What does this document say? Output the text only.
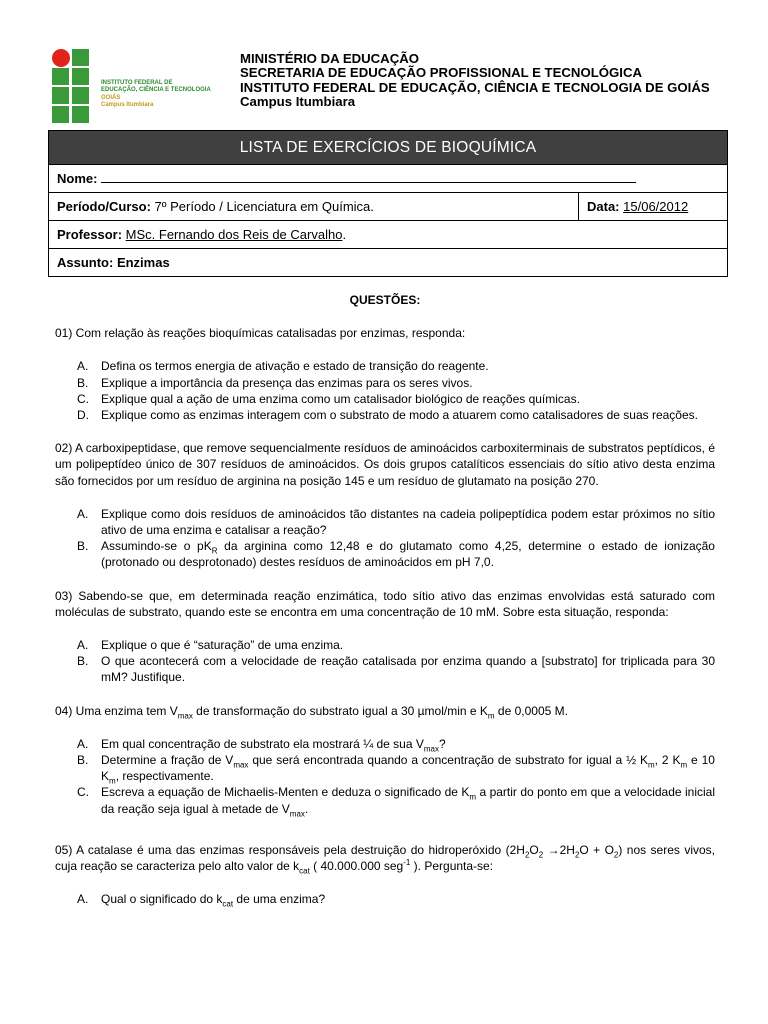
INSTITUTO FEDERAL DE
EDUCAÇÃO, CIÊNCIA E TECNOLOGIA
GOIÁS
Campus Itumbiara
MINISTÉRIO DA EDUCAÇÃO
SECRETARIA DE EDUCAÇÃO PROFISSIONAL E TECNOLÓGICA
INSTITUTO FEDERAL DE EDUCAÇÃO, CIÊNCIA E TECNOLOGIA DE GOIÁS
Campus Itumbiara
LISTA DE EXERCÍCIOS DE BIOQUÍMICA
Nome:
Período/Curso: 7º Período / Licenciatura em Química.	Data: 15/06/2012
Professor: MSc. Fernando dos Reis de Carvalho.
Assunto: Enzimas

QUESTÕES:

01) Com relação às reações bioquímicas catalisadas por enzimas, responda:

A. Defina os termos energia de ativação e estado de transição do reagente.
B. Explique a importância da presença das enzimas para os seres vivos.
C. Explique qual a ação de uma enzima como um catalisador biológico de reações químicas.
D. Explique como as enzimas interagem com o substrato de modo a atuarem como catalisadores de suas reações.

02) A carboxipeptidase, que remove sequencialmente resíduos de aminoácidos carboxiterminais de substratos peptídicos, é um polipeptídeo único de 307 resíduos de aminoácidos. Os dois grupos catalíticos essenciais do sítio ativo desta enzima são fornecidos por um resíduo de arginina na posição 145 e um resíduo de glutamato na posição 270.

A. Explique como dois resíduos de aminoácidos tão distantes na cadeia polipeptídica podem estar próximos no sítio ativo de uma enzima e catalisar a reação?
B. Assumindo-se o $pK_R$ da arginina como 12,48 e do glutamato como 4,25, determine o estado de ionização (protonado ou desprotonado) destes resíduos de aminoácidos em pH 7,0.

03) Sabendo-se que, em determinada reação enzimática, todo sítio ativo das enzimas envolvidas está saturado com moléculas de substrato, quando este se encontra em uma concentração de 10 mM. Sobre esta situação, responda:

A. Explique o que é “saturação” de uma enzima.
B. O que acontecerá com a velocidade de reação catalisada por enzima quando a [substrato] for triplicada para 30 mM? Justifique.

04) Uma enzima tem $V_{max}$ de transformação do substrato igual a 30 µmol/min e $K_m$ de 0,0005 M.

A. Em qual concentração de substrato ela mostrará ¼ de sua $V_{max}$?
B. Determine a fração de $V_{max}$ que será encontrada quando a concentração de substrato for igual a ½ $K_m$, 2 $K_m$ e 10 $K_m$, respectivamente.
C. Escreva a equação de Michaelis-Menten e deduza o significado de $K_m$ a partir do ponto em que a velocidade inicial da reação seja igual à metade de $V_{max}$.

05) A catalase é uma das enzimas responsáveis pela destruição do hidroperóxido $(2H_2O_2 \to 2H_2O + O_2)$ nos seres vivos, cuja reação se caracteriza pelo alto valor de $k_{cat}$ ( 40.000.000 seg$^{-1}$ ). Pergunta-se:

A. Qual o significado do $k_{cat}$ de uma enzima?
